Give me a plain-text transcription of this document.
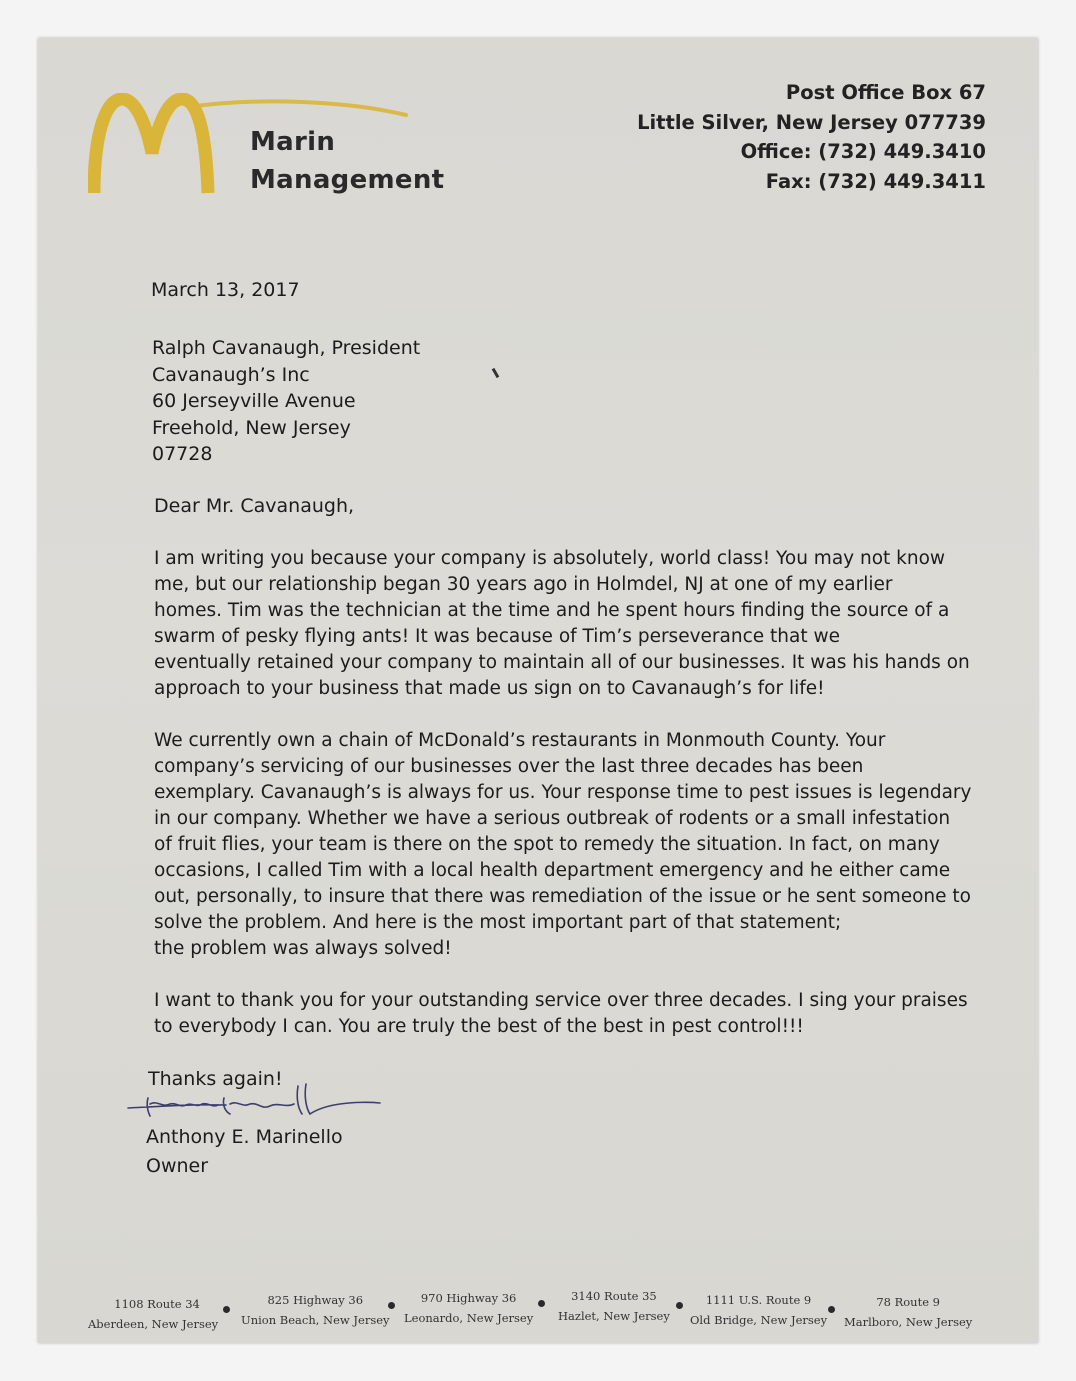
Marin
Management
Post Office Box 67
Little Silver, New Jersey 077739
Office: (732) 449.3410
Fax: (732) 449.3411
March 13, 2017
Ralph Cavanaugh, President
Cavanaugh’s Inc
60 Jerseyville Avenue
Freehold, New Jersey
07728
Dear Mr. Cavanaugh,
I am writing you because your company is absolutely, world class! You may not know
me, but our relationship began 30 years ago in Holmdel, NJ at one of my earlier
homes. Tim was the technician at the time and he spent hours finding the source of a
swarm of pesky flying ants! It was because of Tim’s perseverance that we
eventually retained your company to maintain all of our businesses. It was his hands on
approach to your business that made us sign on to Cavanaugh’s for life!
We currently own a chain of McDonald’s restaurants in Monmouth County. Your
company’s servicing of our businesses over the last three decades has been
exemplary. Cavanaugh’s is always for us. Your response time to pest issues is legendary
in our company. Whether we have a serious outbreak of rodents or a small infestation
of fruit flies, your team is there on the spot to remedy the situation. In fact, on many
occasions, I called Tim with a local health department emergency and he either came
out, personally, to insure that there was remediation of the issue or he sent someone to
solve the problem. And here is the most important part of that statement;
the problem was always solved!
I want to thank you for your outstanding service over three decades. I sing your praises
to everybody I can. You are truly the best of the best in pest control!!!
Thanks again!
Anthony E. Marinello
Owner
1108 Route 34
Aberdeen, New Jersey
825 Highway 36
Union Beach, New Jersey
970 Highway 36
Leonardo, New Jersey
3140 Route 35
Hazlet, New Jersey
1111 U.S. Route 9
Old Bridge, New Jersey
78 Route 9
Marlboro, New Jersey
